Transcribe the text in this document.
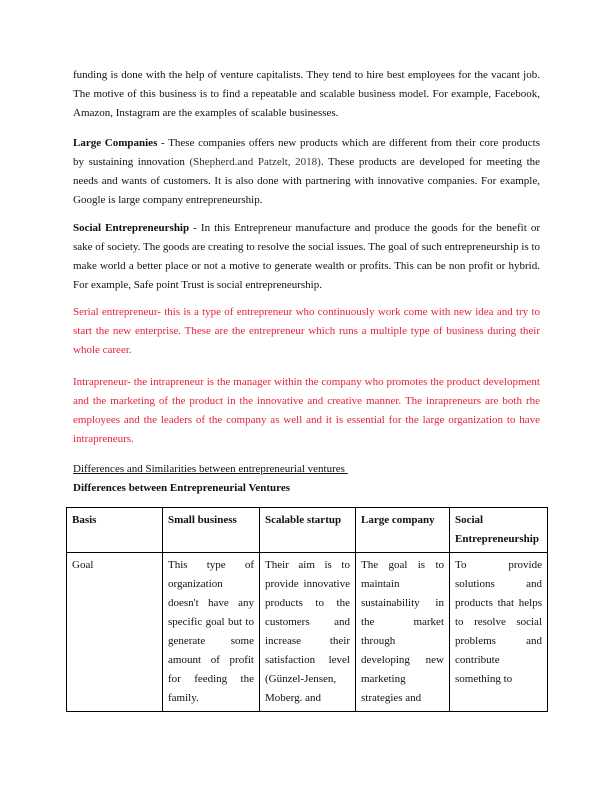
funding is done with the help of venture capitalists. They tend to hire best employees for the vacant job. The motive of this business is to find a repeatable and scalable business model. For example, Facebook, Amazon, Instagram are the examples of scalable businesses.

Large Companies - These companies offers new products which are different from their core products by sustaining innovation (Shepherd.and Patzelt, 2018). These products are developed for meeting the needs and wants of customers. It is also done with partnering with innovative companies. For example, Google is large company entrepreneurship.

Social Entrepreneurship - In this Entrepreneur manufacture and produce the goods for the benefit or sake of society. The goods are creating to resolve the social issues. The goal of such entrepreneurship is to make world a better place or not a motive to generate wealth or profits. This can be non profit or hybrid. For example, Safe point Trust is social entrepreneurship.

Serial entrepreneur- this is a type of entrepreneur who continuously work come with new idea and try to start the new enterprise. These are the entrepreneur which runs a multiple type of business during their whole career.

Intrapreneur- the intrapreneur is the manager within the company who promotes the product development and the marketing of the product in the innovative and creative manner. The inrapreneurs are both rhe employees and the leaders of the company as well and it is essential for the large organization to have intrapreneurs.

Differences and Similarities between entrepreneurial ventures

Differences between Entrepreneurial Ventures

Basis	Small business	Scalable startup	Large company	Social Entrepreneurship
Goal	This type of organization doesn't have any specific goal but to generate some amount of profit for feeding the family.	Their aim is to provide innovative products to the customers and increase their satisfaction level (Günzel-Jensen, Moberg. and	The goal is to maintain sustainability in the market through developing new marketing strategies and	To provide solutions and products that helps to resolve social problems and contribute something to
